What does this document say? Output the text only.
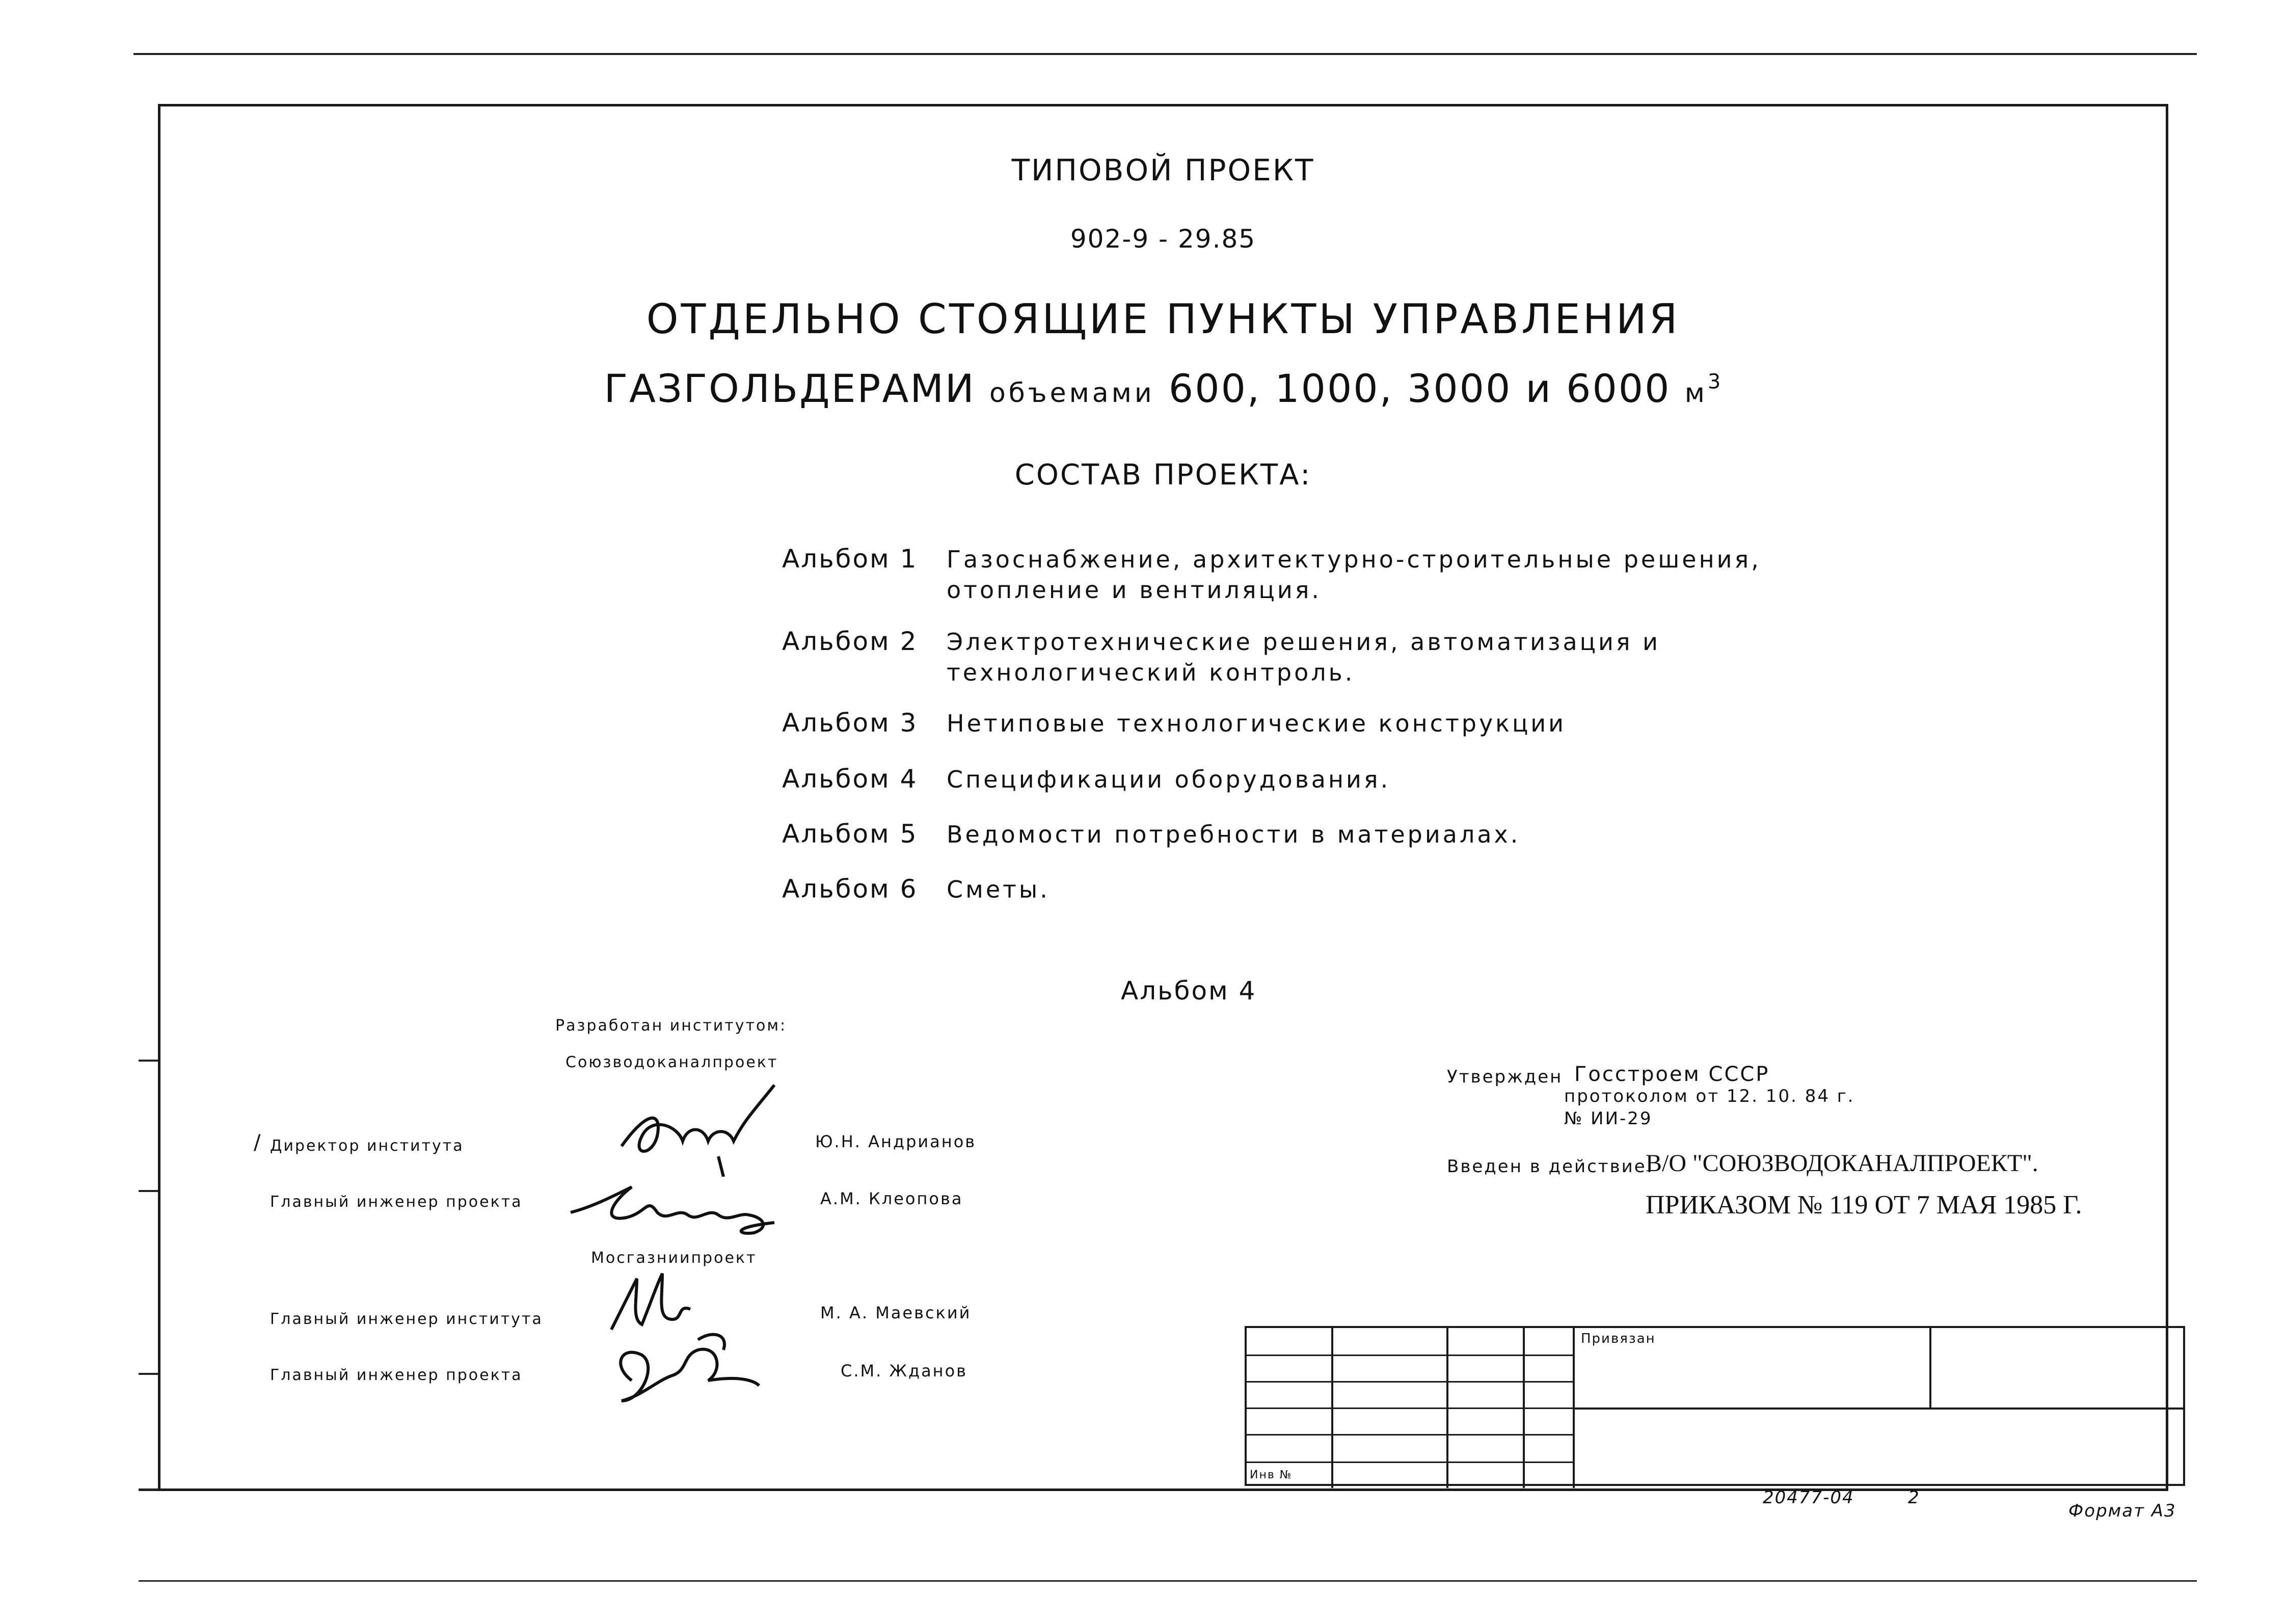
ТИПОВОЙ ПРОЕКТ
902-9 - 29.85
ОТДЕЛЬНО СТОЯЩИЕ ПУНКТЫ УПРАВЛЕНИЯ
ГАЗГОЛЬДЕРАМИ объемами 600, 1000, 3000 и 6000 $м^3$
СОСТАВ ПРОЕКТА:
Альбом 1 Газоснабжение, архитектурно-строительные решения,
отопление и вентиляция.
Альбом 2 Электротехнические решения, автоматизация и
технологический контроль.
Альбом 3 Нетиповые технологические конструкции
Альбом 4 Спецификации оборудования.
Альбом 5 Ведомости потребности в материалах.
Альбом 6 Сметы.
Альбом 4
Разработан институтом:
Союзводоканалпроект
Мосгазниипроект
/ Директор института	Ю.Н. Андрианов
Главный инженер проекта	А.М. Клеопова
Главный инженер института	М. А. Маевский
Главный инженер проекта	С.М. Жданов
Утвержден Госстроем СССР
протоколом от 12. 10. 84 г.
№ ИИ-29
Введен в действие:
В/О "СОЮЗВОДОКАНАЛПРОЕКТ".
ПРИКАЗОМ № 119 ОТ 7 МАЯ 1985 Г.
Привязан
Инв №
20477-04	2
Формат А3
